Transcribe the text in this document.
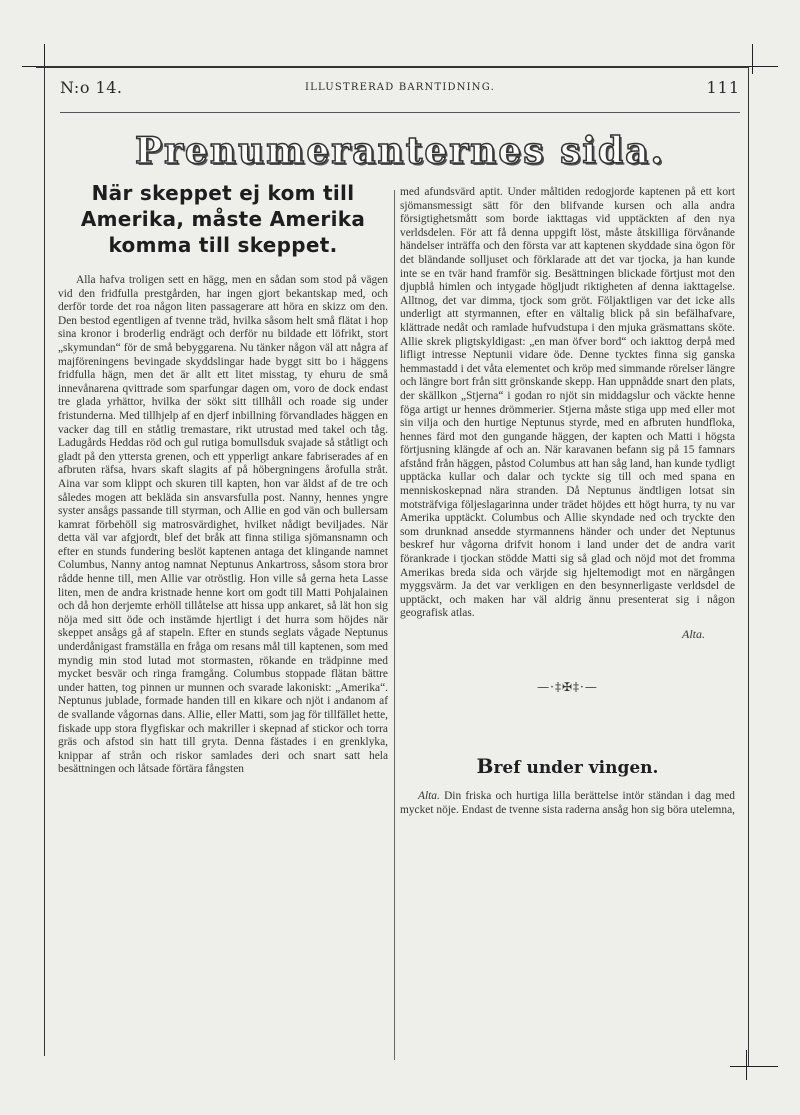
N:o 14.	ILLUSTRERAD BARNTIDNING.	111
Prenumeranternes sida.
När skeppet ej kom till Amerika, måste Amerika komma till skeppet.

Alla hafva troligen sett en hägg, men en sådan som stod på vägen vid den fridfulla prestgården, har ingen gjort bekantskap med, och derför torde det roa någon liten passagerare att höra en skizz om den. Den bestod egentligen af tvenne träd, hvilka såsom helt små flätat i hop sina kronor i broderlig endrägt och derför nu bildade ett löfrikt, stort „skymundan“ för de små bebyggarena. Nu tänker någon väl att några af majföreningens bevingade skyddslingar hade byggt sitt bo i häggens fridfulla hägn, men det är allt ett litet misstag, ty ehuru de små innevånarena qvittrade som sparfungar dagen om, voro de dock endast tre glada yrhättor, hvilka der sökt sitt tillhåll och roade sig under fristunderna. Med tillhjelp af en djerf inbillning förvandlades häggen en vacker dag till en ståtlig tremastare, rikt utrustad med takel och tåg. Ladugårds Heddas röd och gul rutiga bomullsduk svajade så ståtligt och gladt på den yttersta grenen, och ett ypperligt ankare fabriserades af en afbruten räfsa, hvars skaft slagits af på höbergningens årofulla stråt. Aina var som klippt och skuren till kapten, hon var äldst af de tre och således mogen att bekläda sin ansvarsfulla post. Nanny, hennes yngre syster ansågs passande till styrman, och Allie en god vän och bullersam kamrat förbehöll sig matrosvärdighet, hvilket nådigt beviljades. När detta väl var afgjordt, blef det bråk att finna stiliga sjömansnamn och efter en stunds fundering beslöt kaptenen antaga det klingande namnet Columbus, Nanny antog namnat Neptunus Ankartross, såsom stora bror rådde henne till, men Allie var otröstlig. Hon ville så gerna heta Lasse liten, men de andra kristnade henne kort om godt till Matti Pohjalainen och då hon derjemte erhöll tillåtelse att hissa upp ankaret, så lät hon sig nöja med sitt öde och instämde hjertligt i det hurra som höjdes när skeppet ansågs gå af stapeln. Efter en stunds seglats vågade Neptunus underdånigast framställa en fråga om resans mål till kaptenen, som med myndig min stod lutad mot stormasten, rökande en trädpinne med mycket besvär och ringa framgång. Columbus stoppade flätan bättre under hatten, tog pinnen ur munnen och svarade lakoniskt: „Amerika“. Neptunus jublade, formade handen till en kikare och njöt i andanom af de svallande vågornas dans. Allie, eller Matti, som jag för tillfället hette, fiskade upp stora flygfiskar och makriller i skepnad af stickor och torra gräs och afstod sin hatt till gryta. Denna fästades i en grenklyka, knippar af strån och riskor samlades deri och snart satt hela besättningen och låtsade förtära fångsten

med afundsvärd aptit. Under måltiden redogjorde kaptenen på ett kort sjömansmessigt sätt för den blifvande kursen och alla andra försigtighetsmått som borde iakttagas vid upptäckten af den nya verldsdelen. För att få denna uppgift löst, måste åtskilliga förvånande händelser inträffa och den första var att kaptenen skyddade sina ögon för det bländande solljuset och förklarade att det var tjocka, ja han kunde inte se en tvär hand framför sig. Besättningen blickade förtjust mot den djupblå himlen och intygade högljudt riktigheten af denna iakttagelse. Alltnog, det var dimma, tjock som gröt. Följaktligen var det icke alls underligt att styrmannen, efter en vältalig blick på sin befälhafvare, klättrade nedåt och ramlade hufvudstupa i den mjuka gräsmattans sköte. Allie skrek pligtskyldigast: „en man öfver bord“ och iakttog derpå med lifligt intresse Neptunii vidare öde. Denne tycktes finna sig ganska hemmastadd i det våta elementet och kröp med simmande rörelser längre och längre bort från sitt grönskande skepp. Han uppnådde snart den plats, der skällkon „Stjerna“ i godan ro njöt sin middagslur och väckte henne föga artigt ur hennes drömmerier. Stjerna måste stiga upp med eller mot sin vilja och den hurtige Neptunus styrde, med en afbruten hundfloka, hennes färd mot den gungande häggen, der kapten och Matti i högsta förtjusning klängde af och an. När karavanen befann sig på 15 famnars afstånd från häggen, påstod Columbus att han såg land, han kunde tydligt upptäcka kullar och dalar och tyckte sig till och med spana en menniskoskepnad nära stranden. Då Neptunus ändtligen lotsat sin motsträfviga följeslagarinna under trädet höjdes ett högt hurra, ty nu var Amerika upptäckt. Columbus och Allie skyndade ned och tryckte den som drunknad ansedde styrmannens händer och under det Neptunus beskref hur vågorna drifvit honom i land under det de andra varit förankrade i tjockan stödde Matti sig så glad och nöjd mot det fromma Amerikas breda sida och värjde sig hjeltemodigt mot en närgången myggsvärm. Ja det var verkligen en den besynnerligaste verldsdel de upptäckt, och maken har väl aldrig ännu presenterat sig i någon geografisk atlas.

Alta.
—·‡✠‡·—
Bref under vingen.

Alta. Din friska och hurtiga lilla berättelse intör ständan i dag med mycket nöje. Endast de tvenne sista raderna ansåg hon sig böra utelemna,
